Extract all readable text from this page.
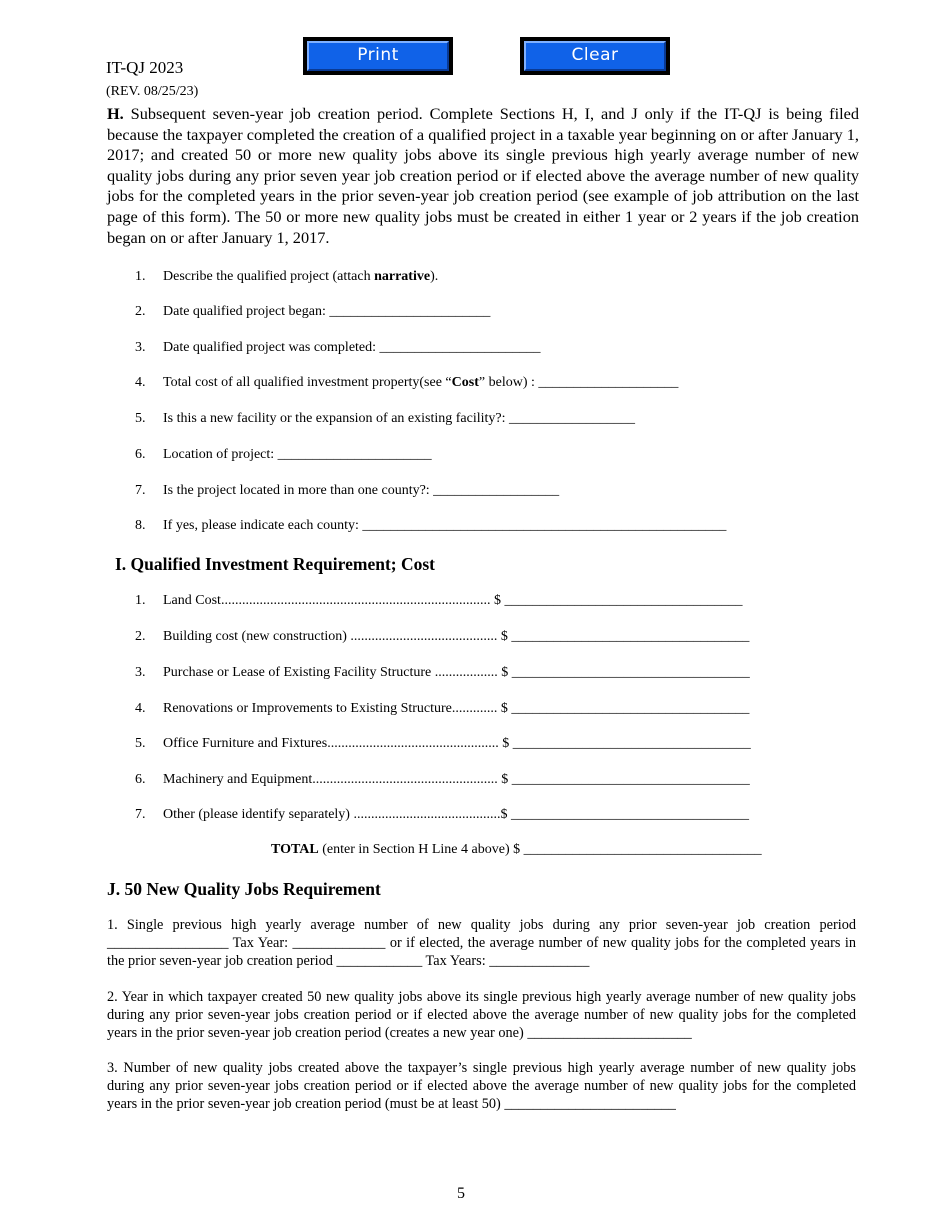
IT-QJ 2023
(REV. 08/25/23)
Print	Clear
H. Subsequent seven-year job creation period. Complete Sections H, I, and J only if the IT-QJ is being filed because the taxpayer completed the creation of a qualified project in a taxable year beginning on or after January 1, 2017; and created 50 or more new quality jobs above its single previous high yearly average number of new quality jobs during any prior seven year job creation period or if elected above the average number of new quality jobs for the completed years in the prior seven-year job creation period (see example of job attribution on the last page of this form). The 50 or more new quality jobs must be created in either 1 year or 2 years if the job creation began on or after January 1, 2017.
1. Describe the qualified project (attach narrative).
2. Date qualified project began: _______________________
3. Date qualified project was completed: _______________________
4. Total cost of all qualified investment property(see “Cost” below) : ____________________
5. Is this a new facility or the expansion of an existing facility?: __________________
6. Location of project: ______________________
7. Is the project located in more than one county?: __________________
8. If yes, please indicate each county: ____________________________________________________
I. Qualified Investment Requirement; Cost
1. Land Cost............................................................................. $ __________________________________
2. Building cost (new construction) .......................................... $ __________________________________
3. Purchase or Lease of Existing Facility Structure .................. $ __________________________________
4. Renovations or Improvements to Existing Structure............. $ __________________________________
5. Office Furniture and Fixtures................................................. $ __________________________________
6. Machinery and Equipment..................................................... $ __________________________________
7. Other (please identify separately) ..........................................$ __________________________________
TOTAL (enter in Section H Line 4 above) $ __________________________________
J. 50 New Quality Jobs Requirement
1. Single previous high yearly average number of new quality jobs during any prior seven-year job creation period _________________ Tax Year: _____________ or if elected, the average number of new quality jobs for the completed years in the prior seven-year job creation period ____________ Tax Years: ______________
2. Year in which taxpayer created 50 new quality jobs above its single previous high yearly average number of new quality jobs during any prior seven-year jobs creation period or if elected above the average number of new quality jobs for the completed years in the prior seven-year job creation period (creates a new year one) _______________________
3. Number of new quality jobs created above the taxpayer’s single previous high yearly average number of new quality jobs during any prior seven-year jobs creation period or if elected above the average number of new quality jobs for the completed years in the prior seven-year job creation period (must be at least 50) ________________________
5
